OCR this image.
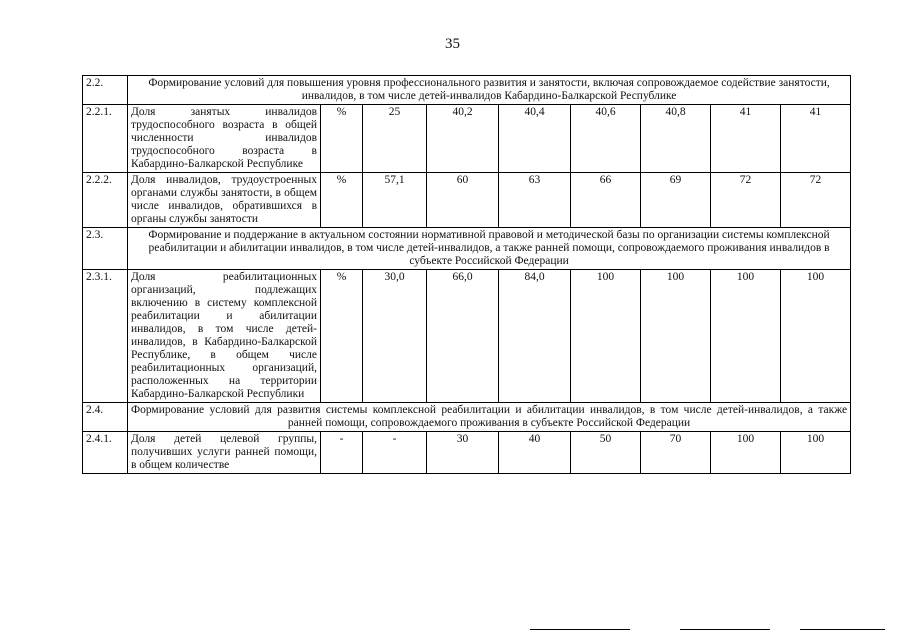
35
2.2.	Формирование условий для повышения уровня профессионального развития и занятости, включая сопровождаемое содействие занятости, инвалидов, в том числе детей-инвалидов Кабардино-Балкарской Республике								
2.2.1.	Доля занятых инвалидов трудоспособного возраста в общей численности инвалидов трудоспособного возраста в Кабардино-Балкарской Республике	%	25	40,2	40,4	40,6	40,8	41	41
2.2.2.	Доля инвалидов, трудоустроенных органами службы занятости, в общем числе инвалидов, обратившихся в органы службы занятости	%	57,1	60	63	66	69	72	72
2.3.	Формирование и поддержание в актуальном состоянии нормативной правовой и методической базы по организации системы комплексной реабилитации и абилитации инвалидов, в том числе детей-инвалидов, а также ранней помощи, сопровождаемого проживания инвалидов в субъекте Российской Федерации								
2.3.1.	Доля реабилитационных организаций, подлежащих включению в систему комплексной реабилитации и абилитации инвалидов, в том числе детей-инвалидов, в Кабардино-Балкарской Республике, в общем числе реабилитационных организаций, расположенных на территории Кабардино-Балкарской Республики	%	30,0	66,0	84,0	100	100	100	100
2.4.	Формирование условий для развития системы комплексной реабилитации и абилитации инвалидов, в том числе детей-инвалидов, а также ранней помощи, сопровождаемого проживания в субъекте Российской Федерации								
2.4.1.	Доля детей целевой группы, получивших услуги ранней помощи, в общем количестве	-	-	30	40	50	70	100	100
